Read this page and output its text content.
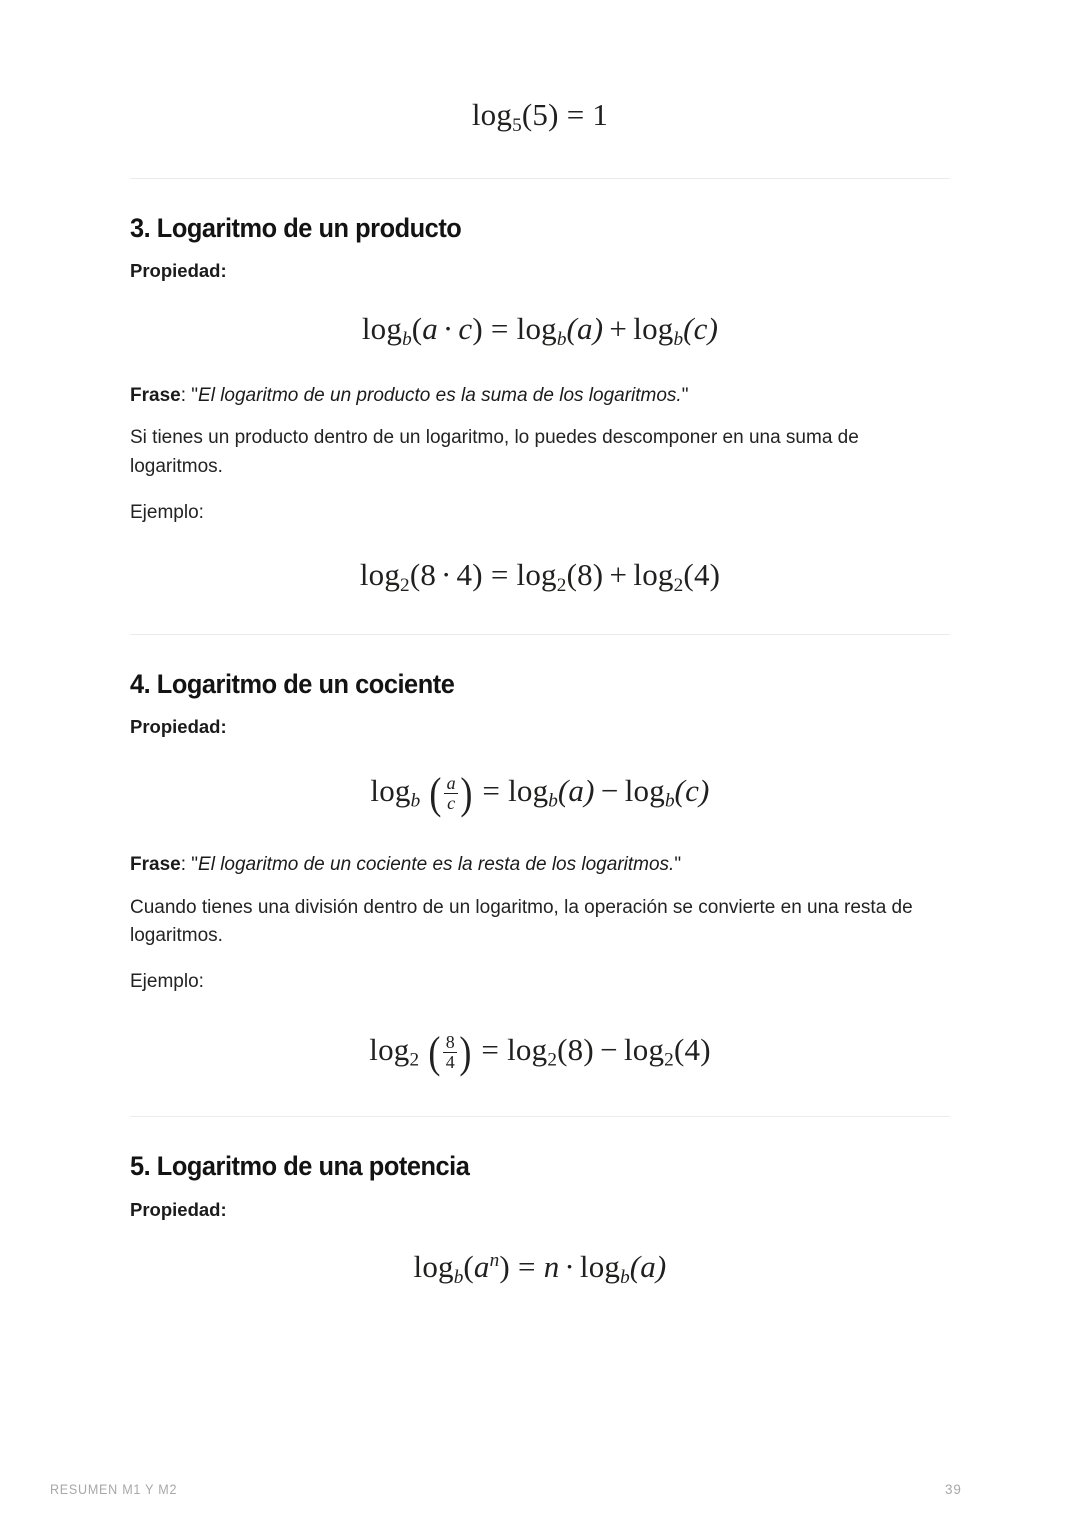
log5(5) = 1
3. Logaritmo de un producto

Propiedad:

$\log_b(a \cdot c) = \log_b(a) + \log_b(c)$

Frase: "El logaritmo de un producto es la suma de los logaritmos."

Si tienes un producto dentro de un logaritmo, lo puedes descomponer en una suma de logaritmos.

Ejemplo:

log2(8 · 4) = log2(8) + log2(4)
4. Logaritmo de un cociente

Propiedad:

$\log_b$ ( $\frac{a}{c}$ ) = $\log_b(a) - \log_b(c)$

Frase: "El logaritmo de un cociente es la resta de los logaritmos."

Cuando tienes una división dentro de un logaritmo, la operación se convierte en una resta de logaritmos.

Ejemplo:

log2 ( $\frac{8}{4}$ ) = log2(8) − log2(4)
5. Logaritmo de una potencia

Propiedad:

$\log_b(a^n) = n \cdot \log_b(a)$
RESUMEN M1 Y M2	39
